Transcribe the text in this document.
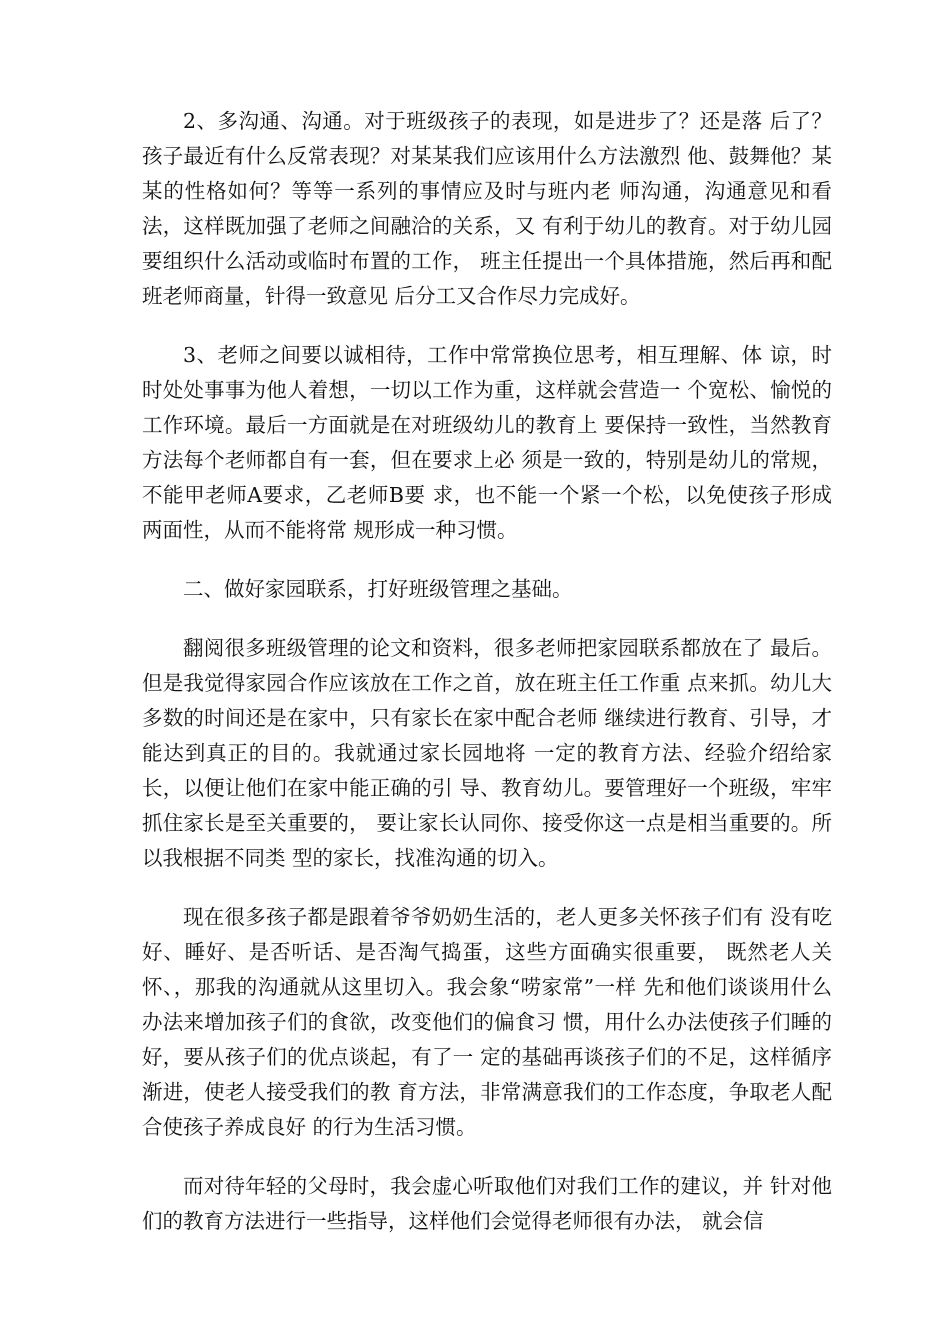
2、多沟通、沟通。对于班级孩子的表现，如是进步了？还是落 后了？孩子最近有什么反常表现？对某某我们应该用什么方法激烈 他、鼓舞他？某某的性格如何？等等一系列的事情应及时与班内老 师沟通，沟通意见和看法，这样既加强了老师之间融洽的关系，又 有利于幼儿的教育。对于幼儿园要组织什么活动或临时布置的工作， 班主任提出一个具体措施，然后再和配班老师商量，针得一致意见 后分工又合作尽力完成好。

3、老师之间要以诚相待，工作中常常换位思考，相互理解、体 谅，时时处处事事为他人着想，一切以工作为重，这样就会营造一 个宽松、愉悦的工作环境。最后一方面就是在对班级幼儿的教育上 要保持一致性，当然教育方法每个老师都自有一套，但在要求上必 须是一致的，特别是幼儿的常规，不能甲老师A要求，乙老师B要 求，也不能一个紧一个松，以免使孩子形成两面性，从而不能将常 规形成一种习惯。

二、做好家园联系，打好班级管理之基础。

翻阅很多班级管理的论文和资料，很多老师把家园联系都放在了 最后。但是我觉得家园合作应该放在工作之首，放在班主任工作重 点来抓。幼儿大多数的时间还是在家中，只有家长在家中配合老师 继续进行教育、引导，才能达到真正的目的。我就通过家长园地将 一定的教育方法、经验介绍给家长，以便让他们在家中能正确的引 导、教育幼儿。要管理好一个班级，牢牢抓住家长是至关重要的， 要让家长认同你、接受你这一点是相当重要的。所以我根据不同类 型的家长，找准沟通的切入。

现在很多孩子都是跟着爷爷奶奶生活的，老人更多关怀孩子们有 没有吃好、睡好、是否听话、是否淘气捣蛋，这些方面确实很重要， 既然老人关怀、，那我的沟通就从这里切入。我会象“唠家常”一样 先和他们谈谈用什么办法来增加孩子们的食欲，改变他们的偏食习 惯，用什么办法使孩子们睡的好，要从孩子们的优点谈起，有了一 定的基础再谈孩子们的不足，这样循序渐进，使老人接受我们的教 育方法，非常满意我们的工作态度，争取老人配合使孩子养成良好 的行为生活习惯。

而对待年轻的父母时，我会虚心听取他们对我们工作的建议，并 针对他们的教育方法进行一些指导，这样他们会觉得老师很有办法， 就会信
